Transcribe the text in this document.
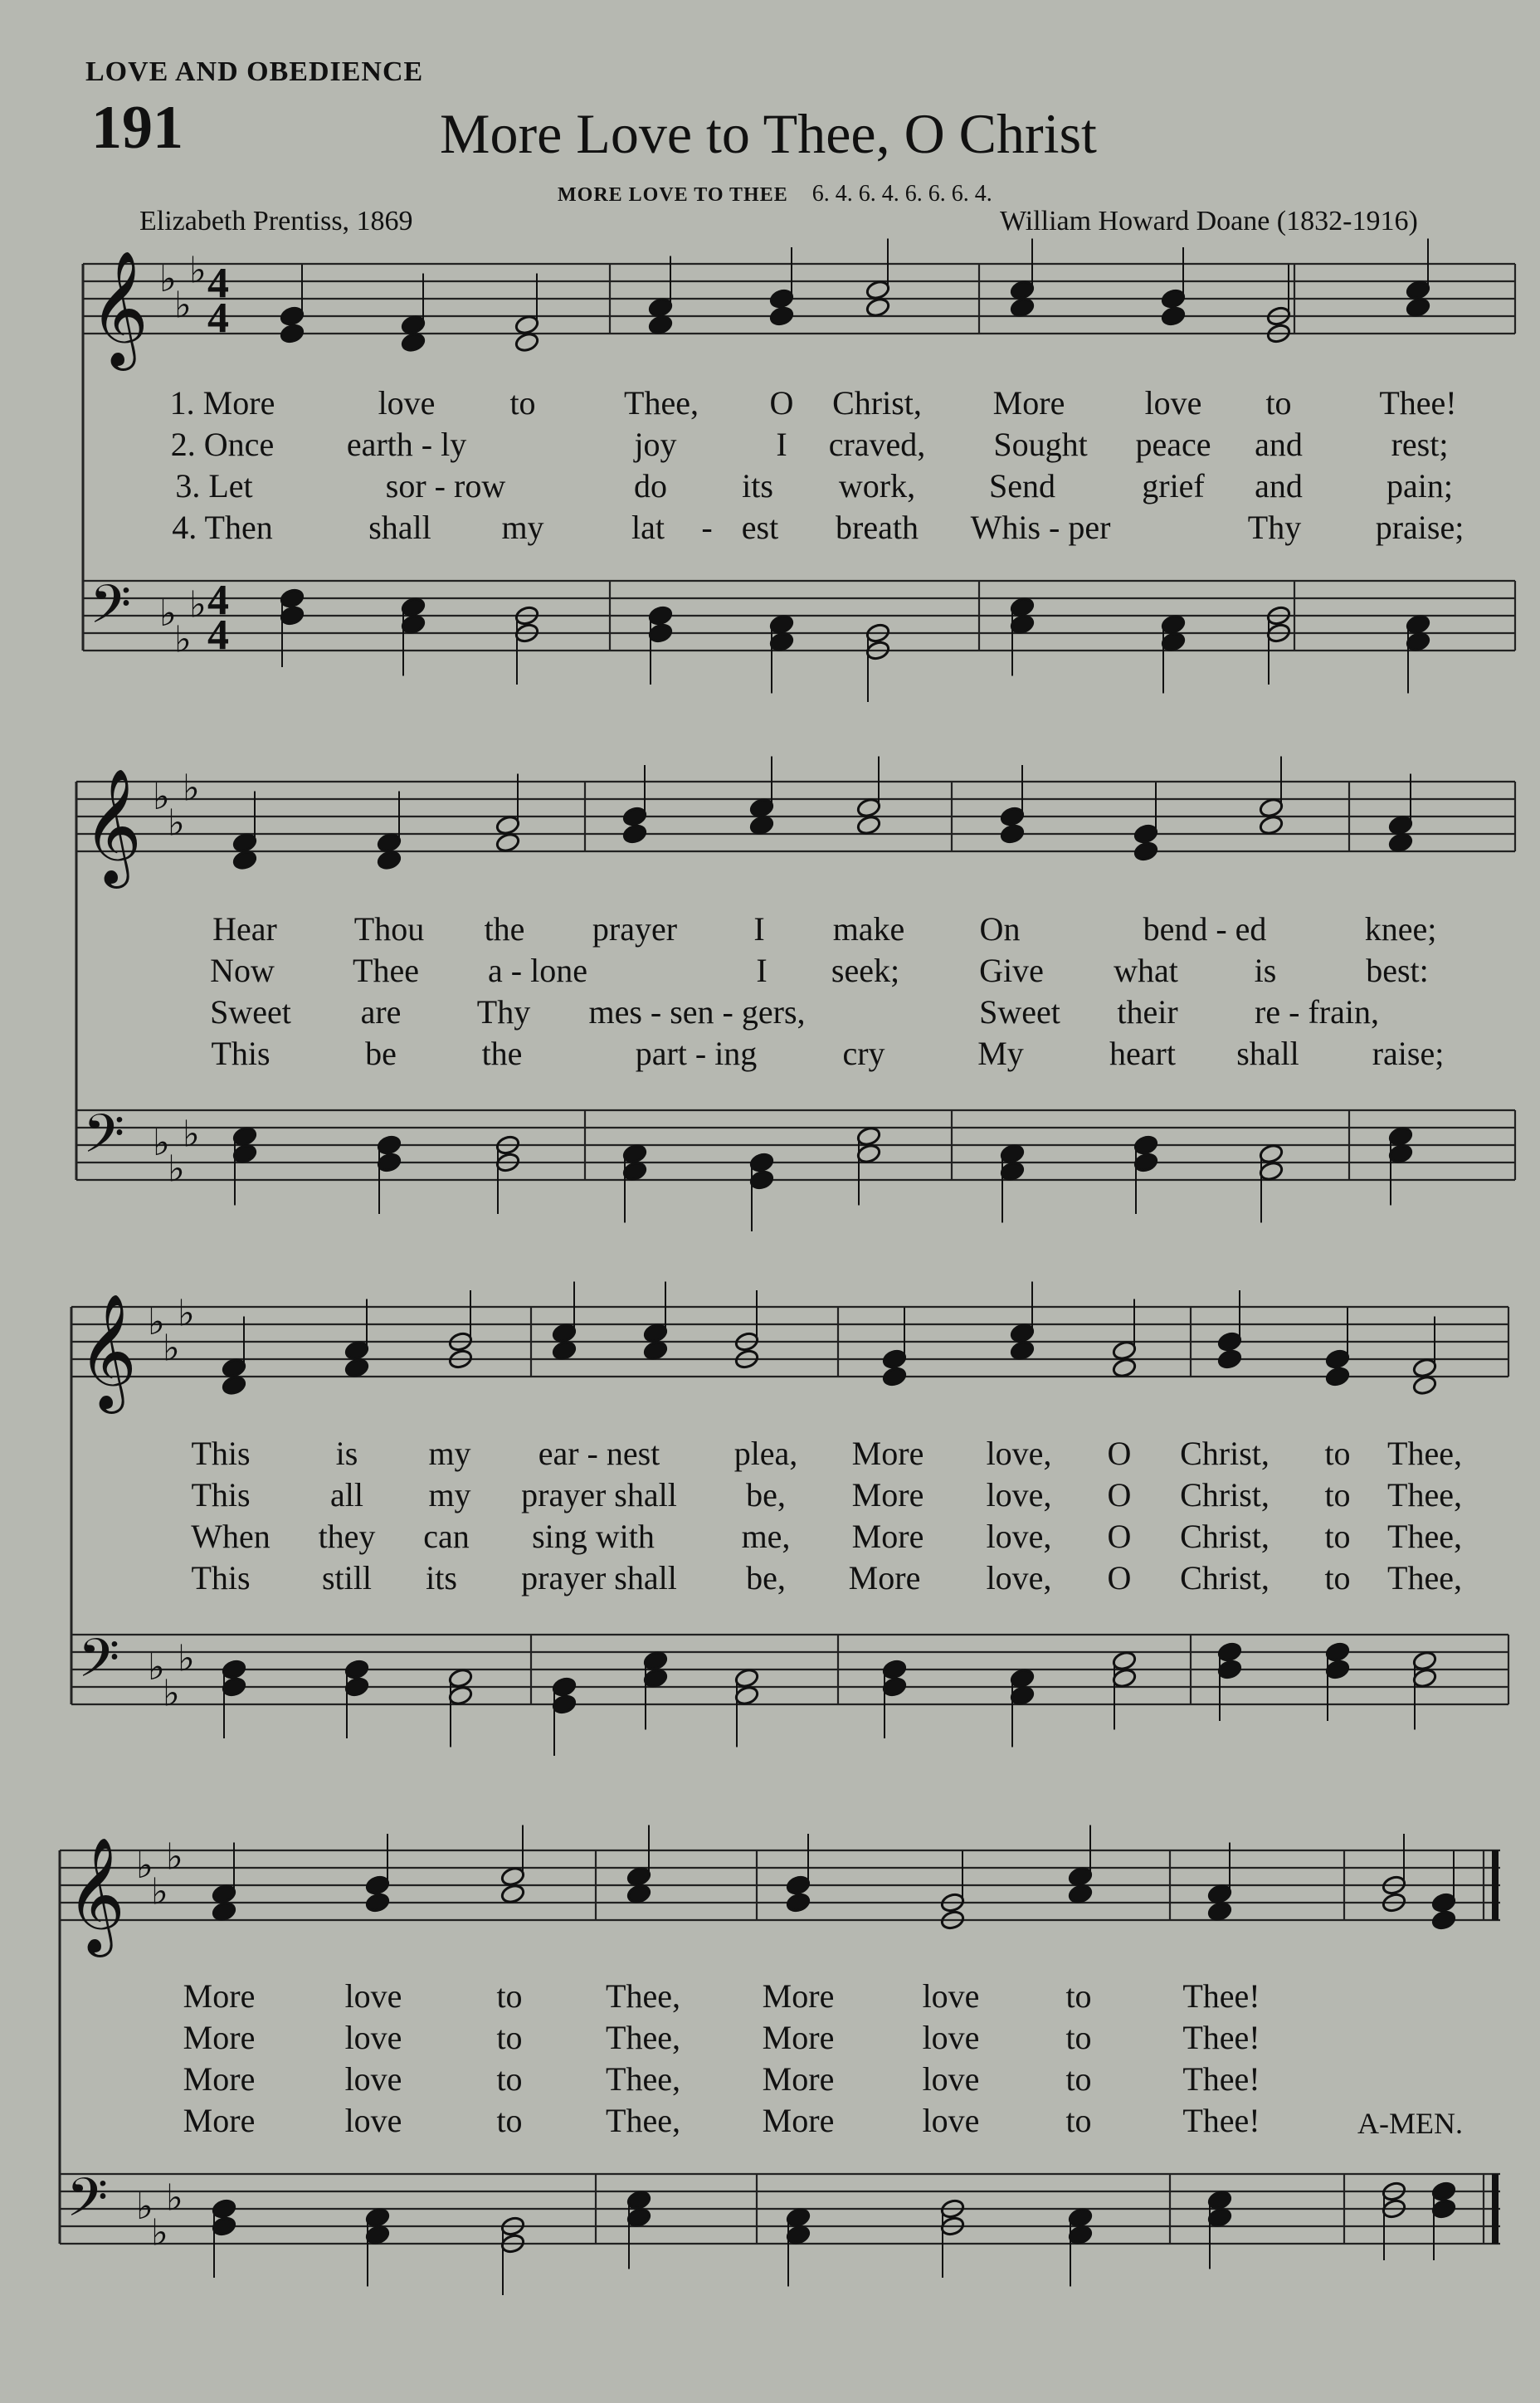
LOVE AND OBEDIENCE
191	More Love to Thee, O Christ
MORE LOVE TO THEE 6. 4. 6. 4. 6. 6. 6. 4.
Elizabeth Prentiss, 1869	William Howard Doane (1832-1916)
𝄞 ♭
♭
♭ 4
4
𝄢 ♭
♭
♭ 4
4
𝄞 ♭
♭
♭
𝄢 ♭
♭
♭
𝄞 ♭
♭
♭
𝄢 ♭
♭
♭
𝄞 ♭
♭
♭
𝄢 ♭
♭
♭
1. More	love to	Thee, O Christ, More love to	Thee!
2. Once earth - ly	joy	I craved, Sought peace and	rest;
3. Let	sor - row	do its work, Send	grief and	pain;
4. Then	shall my	lat - est breath Whis - per	Thy praise;
Hear Thou the prayer I make On	bend - ed	knee;
Now Thee a - lone	I seek; Give what is	best:
Sweet are Thy mes - sen - gers,	Sweet their re - frain,
This	be	the	part - ing	cry	My	heart shall raise;
This	is my ear - nest plea, More love, O Christ, to Thee,
This all my prayer shall be, More love, O Christ, to Thee,
When they can sing with	me, More love, O Christ, to Thee,
This still its prayer shall be, More love, O Christ, to Thee,
More	love	to	Thee, More	love	to	Thee!
More	love	to	Thee, More	love	to	Thee!
More	love	to	Thee, More	love	to	Thee!
More	love	to	Thee, More	love	to	Thee!	A-MEN.
